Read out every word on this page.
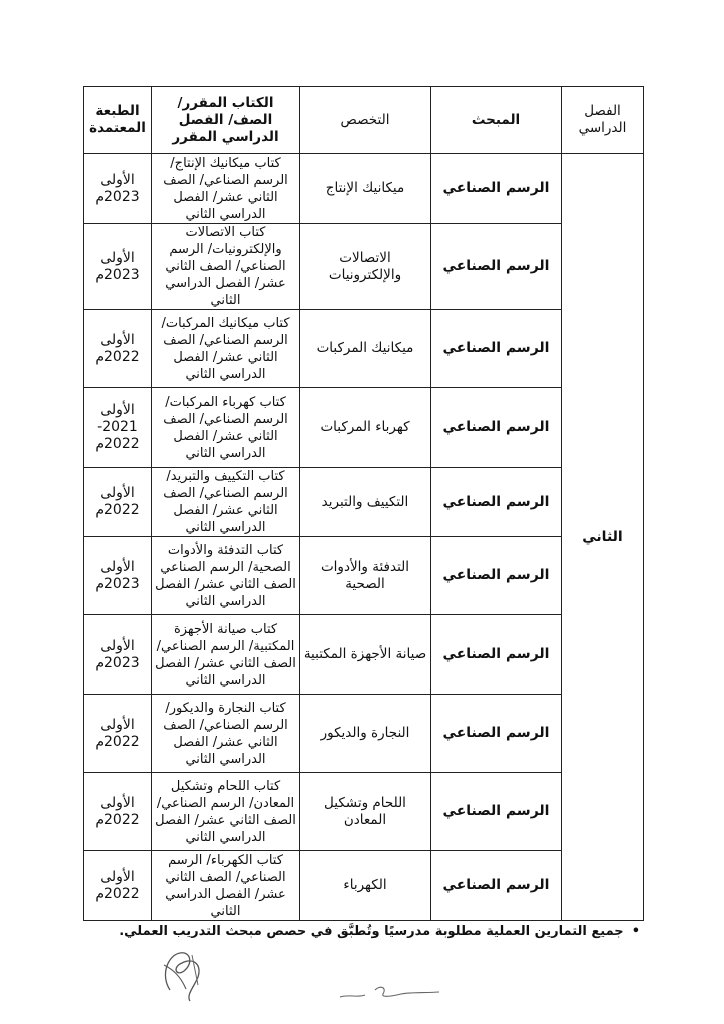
الفصل الدراسي	المبحث	التخصص	الكتاب المقرر/ الصف/ الفصل الدراسي المقرر	الطبعة المعتمدة
الثاني	الرسم الصناعي	ميكانيك الإنتاج	كتاب ميكانيك الإنتاج/ الرسم الصناعي/ الصف الثاني عشر/ الفصل الدراسي الثاني	الأولى 2023م
	الرسم الصناعي	الاتصالات والإلكترونيات	كتاب الاتصالات والإلكترونيات/ الرسم الصناعي/ الصف الثاني عشر/ الفصل الدراسي الثاني	الأولى 2023م
	الرسم الصناعي	ميكانيك المركبات	كتاب ميكانيك المركبات/ الرسم الصناعي/ الصف الثاني عشر/ الفصل الدراسي الثاني	الأولى 2022م
	الرسم الصناعي	كهرباء المركبات	كتاب كهرباء المركبات/ الرسم الصناعي/ الصف الثاني عشر/ الفصل الدراسي الثاني	الأولى 2021-2022م
	الرسم الصناعي	التكييف والتبريد	كتاب التكييف والتبريد/ الرسم الصناعي/ الصف الثاني عشر/ الفصل الدراسي الثاني	الأولى 2022م
	الرسم الصناعي	التدفئة والأدوات الصحية	كتاب التدفئة والأدوات الصحية/ الرسم الصناعي الصف الثاني عشر/ الفصل الدراسي الثاني	الأولى 2023م
	الرسم الصناعي	صيانة الأجهزة المكتبية	كتاب صيانة الأجهزة المكتبية/ الرسم الصناعي/ الصف الثاني عشر/ الفصل الدراسي الثاني	الأولى 2023م
	الرسم الصناعي	النجارة والديكور	كتاب النجارة والديكور/ الرسم الصناعي/ الصف الثاني عشر/ الفصل الدراسي الثاني	الأولى 2022م
	الرسم الصناعي	اللحام وتشكيل المعادن	كتاب اللحام وتشكيل المعادن/ الرسم الصناعي/ الصف الثاني عشر/ الفصل الدراسي الثاني	الأولى 2022م
	الرسم الصناعي	الكهرباء	كتاب الكهرباء/ الرسم الصناعي/ الصف الثاني عشر/ الفصل الدراسي الثاني	الأولى 2022م
•جميع التمارين العملية مطلوبة مدرسيًا وتُطبَّق في حصص مبحث التدريب العملي.
